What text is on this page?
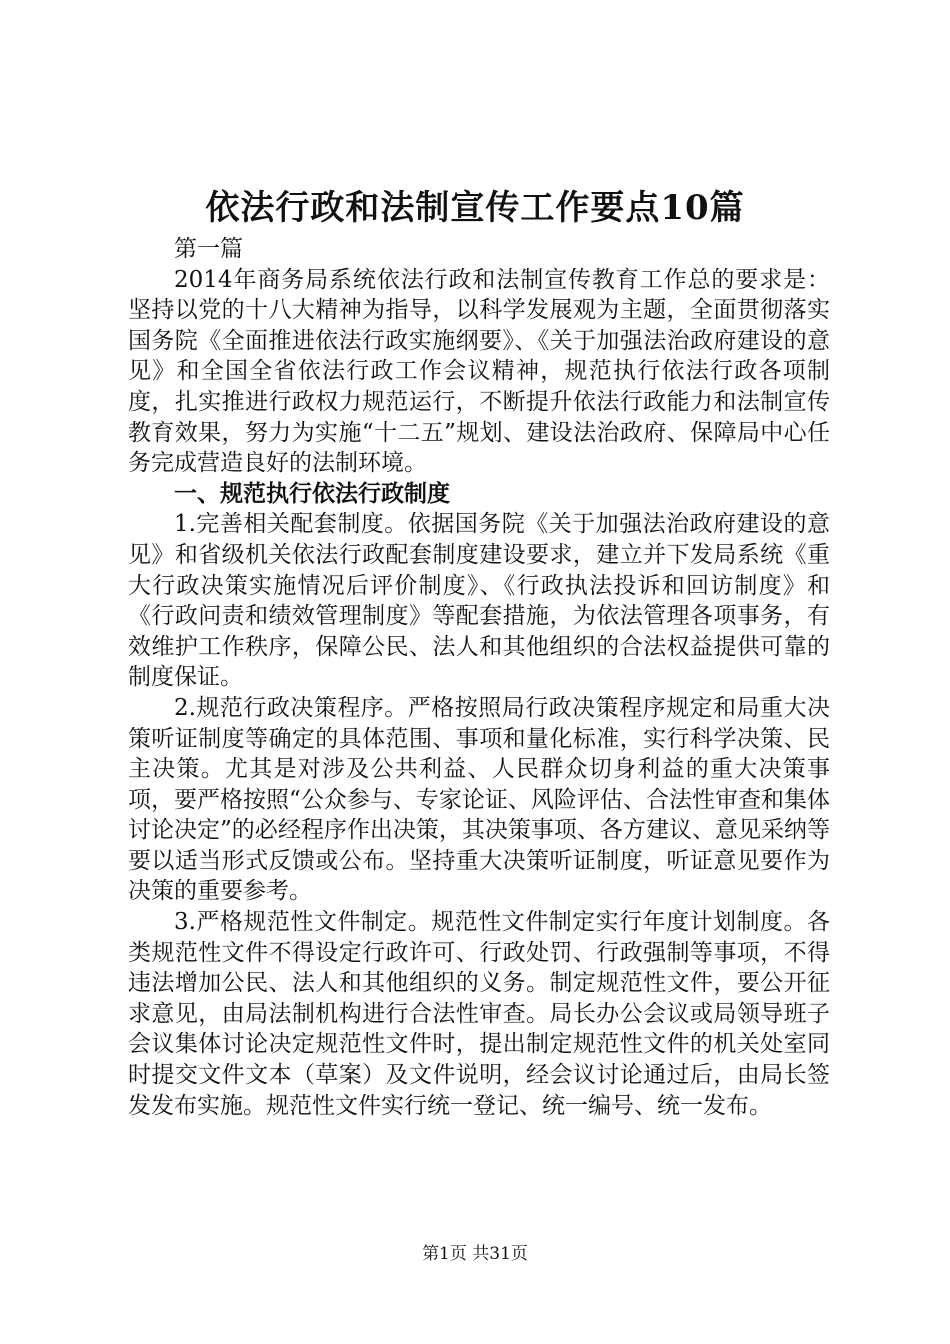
依法行政和法制宣传工作要点10篇

第一篇

2014年商务局系统依法行政和法制宣传教育工作总的要求是：坚持以党的十八大精神为指导，以科学发展观为主题，全面贯彻落实国务院《全面推进依法行政实施纲要》、《关于加强法治政府建设的意见》和全国全省依法行政工作会议精神，规范执行依法行政各项制度，扎实推进行政权力规范运行，不断提升依法行政能力和法制宣传教育效果，努力为实施“十二五”规划、建设法治政府、保障局中心任务完成营造良好的法制环境。

一、规范执行依法行政制度

1.完善相关配套制度。依据国务院《关于加强法治政府建设的意见》和省级机关依法行政配套制度建设要求，建立并下发局系统《重大行政决策实施情况后评价制度》、《行政执法投诉和回访制度》和《行政问责和绩效管理制度》等配套措施，为依法管理各项事务，有效维护工作秩序，保障公民、法人和其他组织的合法权益提供可靠的制度保证。

2.规范行政决策程序。严格按照局行政决策程序规定和局重大决策听证制度等确定的具体范围、事项和量化标准，实行科学决策、民主决策。尤其是对涉及公共利益、人民群众切身利益的重大决策事项，要严格按照“公众参与、专家论证、风险评估、合法性审查和集体讨论决定”的必经程序作出决策，其决策事项、各方建议、意见采纳等要以适当形式反馈或公布。坚持重大决策听证制度，听证意见要作为决策的重要参考。

3.严格规范性文件制定。规范性文件制定实行年度计划制度。各类规范性文件不得设定行政许可、行政处罚、行政强制等事项，不得违法增加公民、法人和其他组织的义务。制定规范性文件，要公开征求意见，由局法制机构进行合法性审查。局长办公会议或局领导班子会议集体讨论决定规范性文件时，提出制定规范性文件的机关处室同时提交文件文本（草案）及文件说明，经会议讨论通过后，由局长签发发布实施。规范性文件实行统一登记、统一编号、统一发布。

第1页 共31页
